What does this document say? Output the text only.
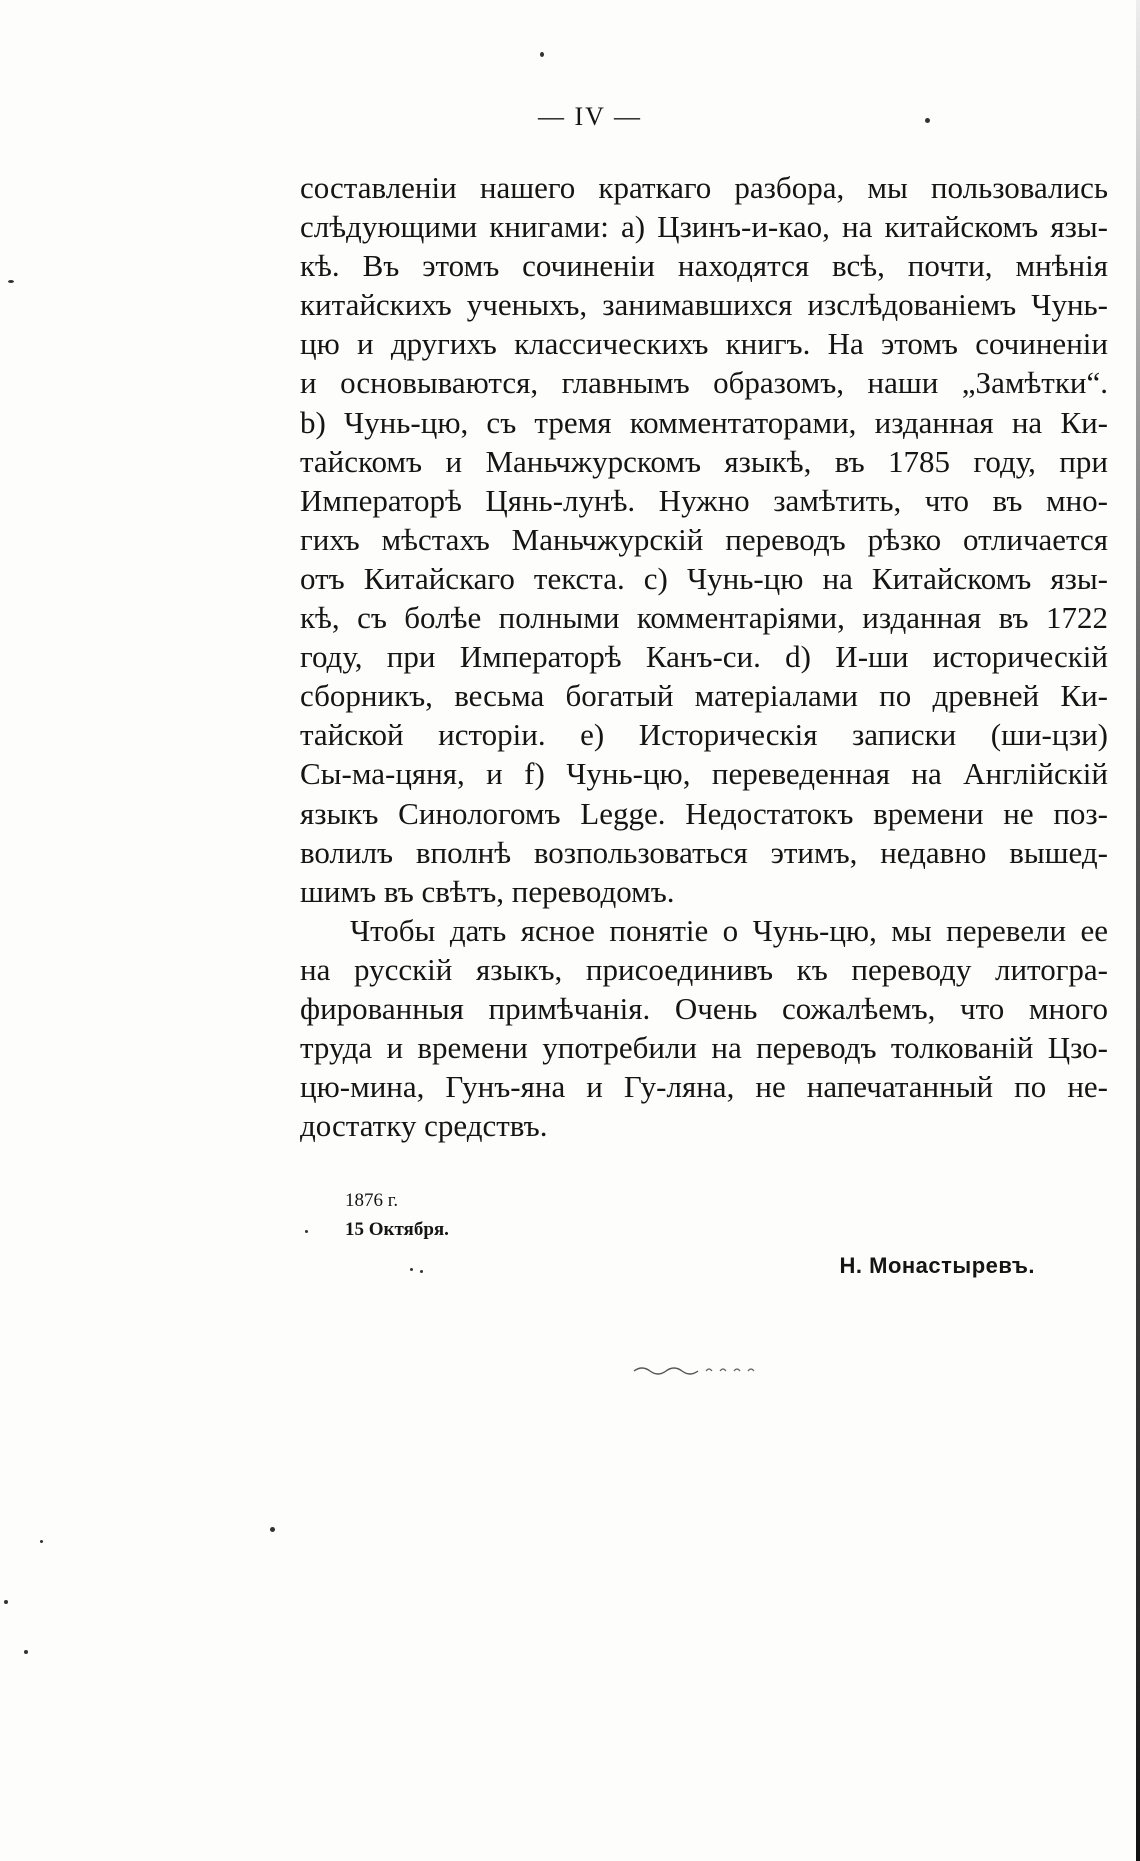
— IV —
составленіи нашего краткаго разбора, мы пользовались
слѣдующими книгами: а) Цзинъ-и-као, на китайскомъ язы-
кѣ. Въ этомъ сочиненіи находятся всѣ, почти, мнѣнія
китайскихъ ученыхъ, занимавшихся изслѣдованіемъ Чунь-
цю и другихъ классическихъ книгъ. На этомъ сочиненіи
и основываются, главнымъ образомъ, наши „Замѣтки“.
b) Чунь-цю, съ тремя комментаторами, изданная на Ки-
тайскомъ и Маньчжурскомъ языкѣ, въ 1785 году, при
Императорѣ Цянь-лунѣ. Нужно замѣтить, что въ мно-
гихъ мѣстахъ Маньчжурскій переводъ рѣзко отличается
отъ Китайскаго текста. c) Чунь-цю на Китайскомъ язы-
кѣ, съ болѣе полными комментаріями, изданная въ 1722
году, при Императорѣ Канъ-си. d) И-ши историческій
сборникъ, весьма богатый матеріалами по древней Ки-
тайской исторіи. e) Историческія записки (ши-цзи)
Сы-ма-цяня, и f) Чунь-цю, переведенная на Англійскій
языкъ Синологомъ Legge. Недостатокъ времени не поз-
волилъ вполнѣ возпользоваться этимъ, недавно вышед-
шимъ въ свѣтъ, переводомъ.
Чтобы дать ясное понятіе о Чунь-цю, мы перевели ее
на русскій языкъ, присоединивъ къ переводу литогра-
фированныя примѣчанія. Очень сожалѣемъ, что много
труда и времени употребили на переводъ толкованій Цзо-
цю-мина, Гунъ-яна и Гу-ляна, не напечатанный по не-
достатку средствъ.
1876 г.
15 Октября.
Н. Монастыревъ.
